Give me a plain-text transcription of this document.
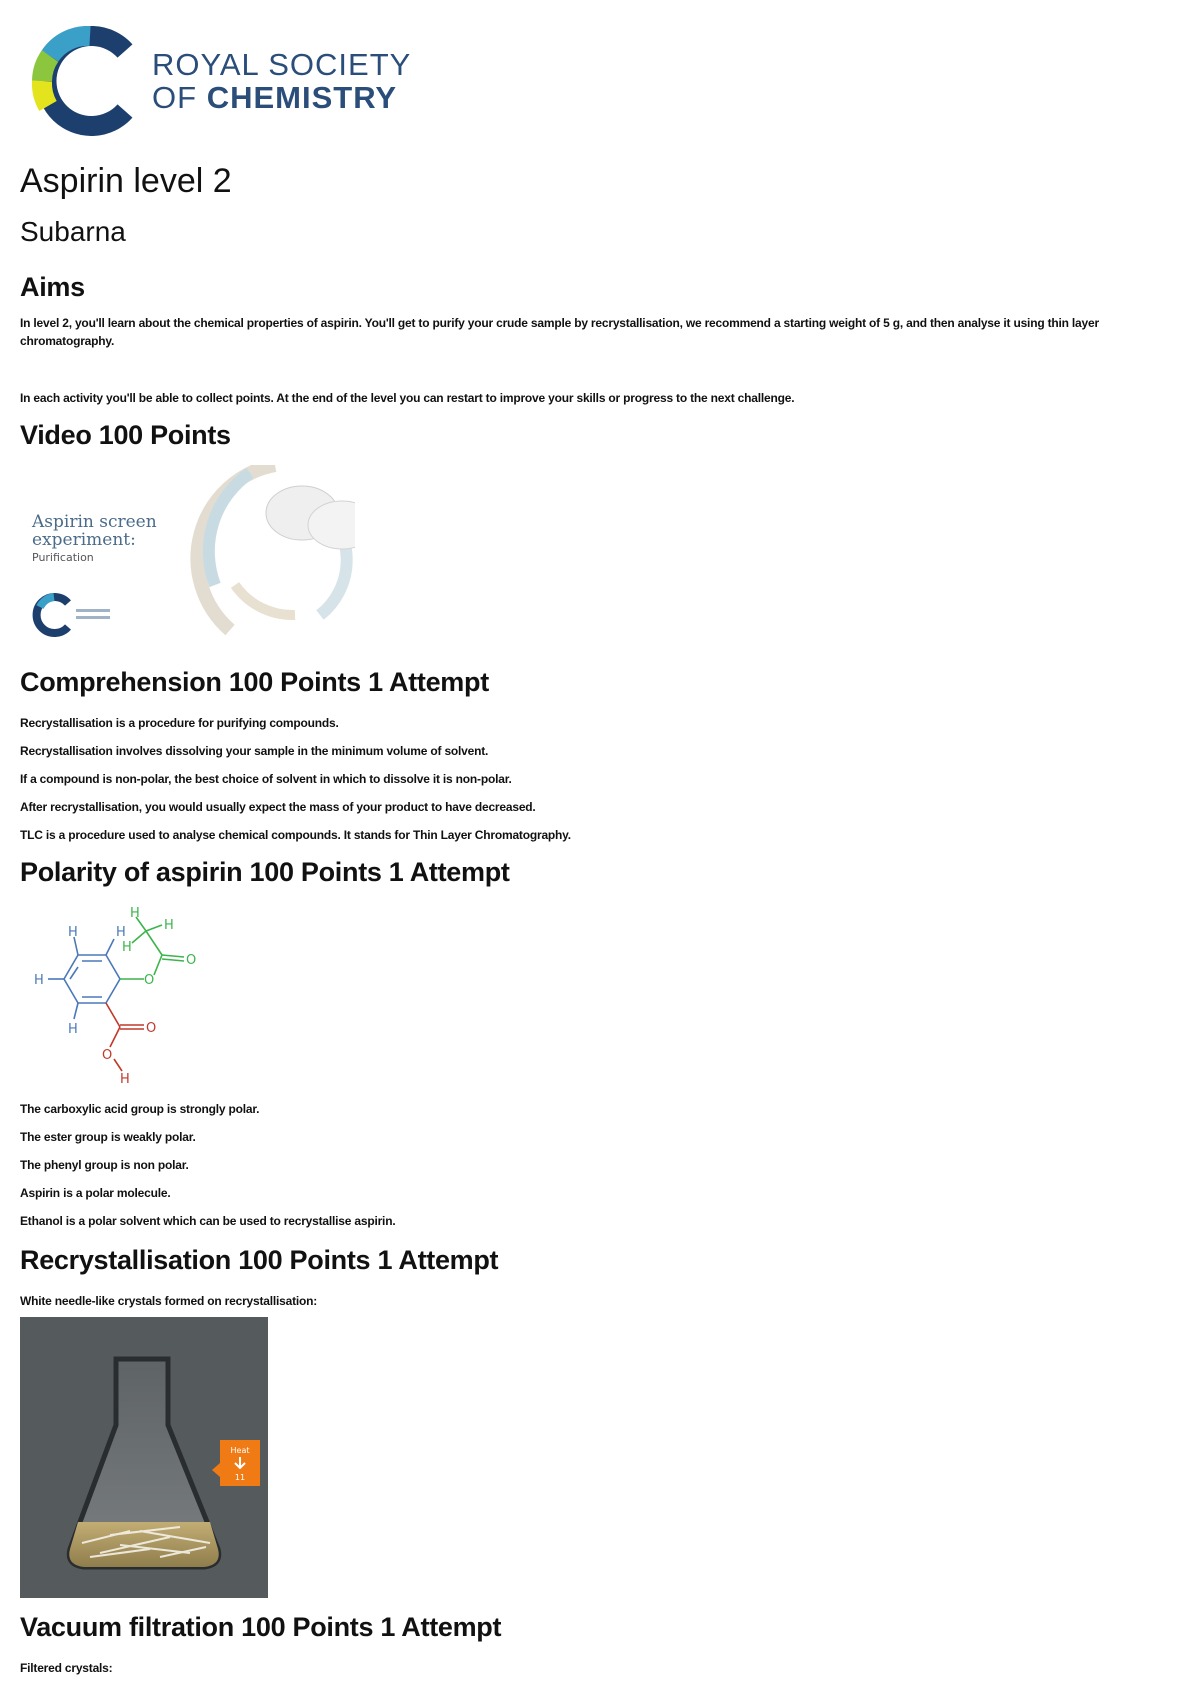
ROYAL SOCIETY
OF CHEMISTRY
Aspirin level 2
Subarna
Aims

In level 2, you'll learn about the chemical properties of aspirin. You'll get to purify your crude sample by recrystallisation, we recommend a starting weight of 5 g, and then analyse it using thin layer chromatography.

In each activity you'll be able to collect points. At the end of the level you can restart to improve your skills or progress to the next challenge.

Video 100 Points
Aspirin screen
experiment:
Purification
Comprehension 100 Points 1 Attempt

Recrystallisation is a procedure for purifying compounds.

Recrystallisation involves dissolving your sample in the minimum volume of solvent.

If a compound is non-polar, the best choice of solvent in which to dissolve it is non-polar.

After recrystallisation, you would usually expect the mass of your product to have decreased.

TLC is a procedure used to analyse chemical compounds. It stands for Thin Layer Chromatography.

Polarity of aspirin 100 Points 1 Attempt
H	H
H
H
O
O
H
H
H
O
O
H

The carboxylic acid group is strongly polar.

The ester group is weakly polar.

The phenyl group is non polar.

Aspirin is a polar molecule.

Ethanol is a polar solvent which can be used to recrystallise aspirin.

Recrystallisation 100 Points 1 Attempt

White needle-like crystals formed on recrystallisation:

Heat
11
Vacuum filtration 100 Points 1 Attempt

Filtered crystals:
